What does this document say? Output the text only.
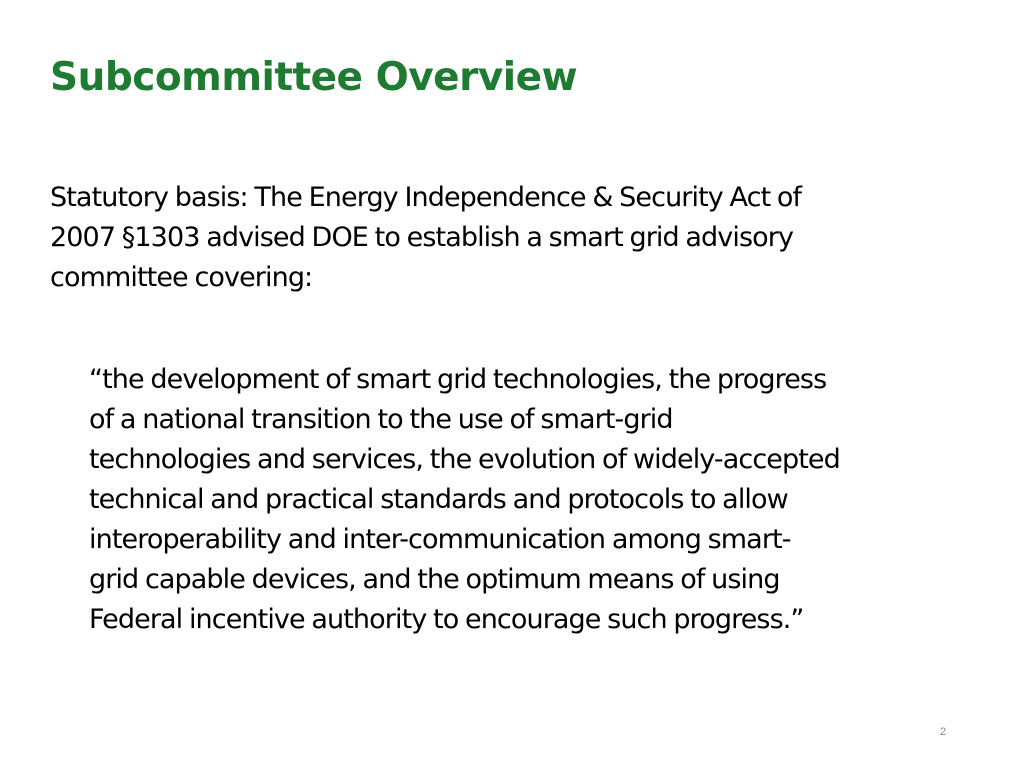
Subcommittee Overview

Statutory basis: The Energy Independence & Security Act of
2007 §1303 advised DOE to establish a smart grid advisory
committee covering:

“the development of smart grid technologies, the progress
of a national transition to the use of smart-grid
technologies and services, the evolution of widely-accepted
technical and practical standards and protocols to allow
interoperability and inter-communication among smart-
grid capable devices, and the optimum means of using
Federal incentive authority to encourage such progress.”

2
